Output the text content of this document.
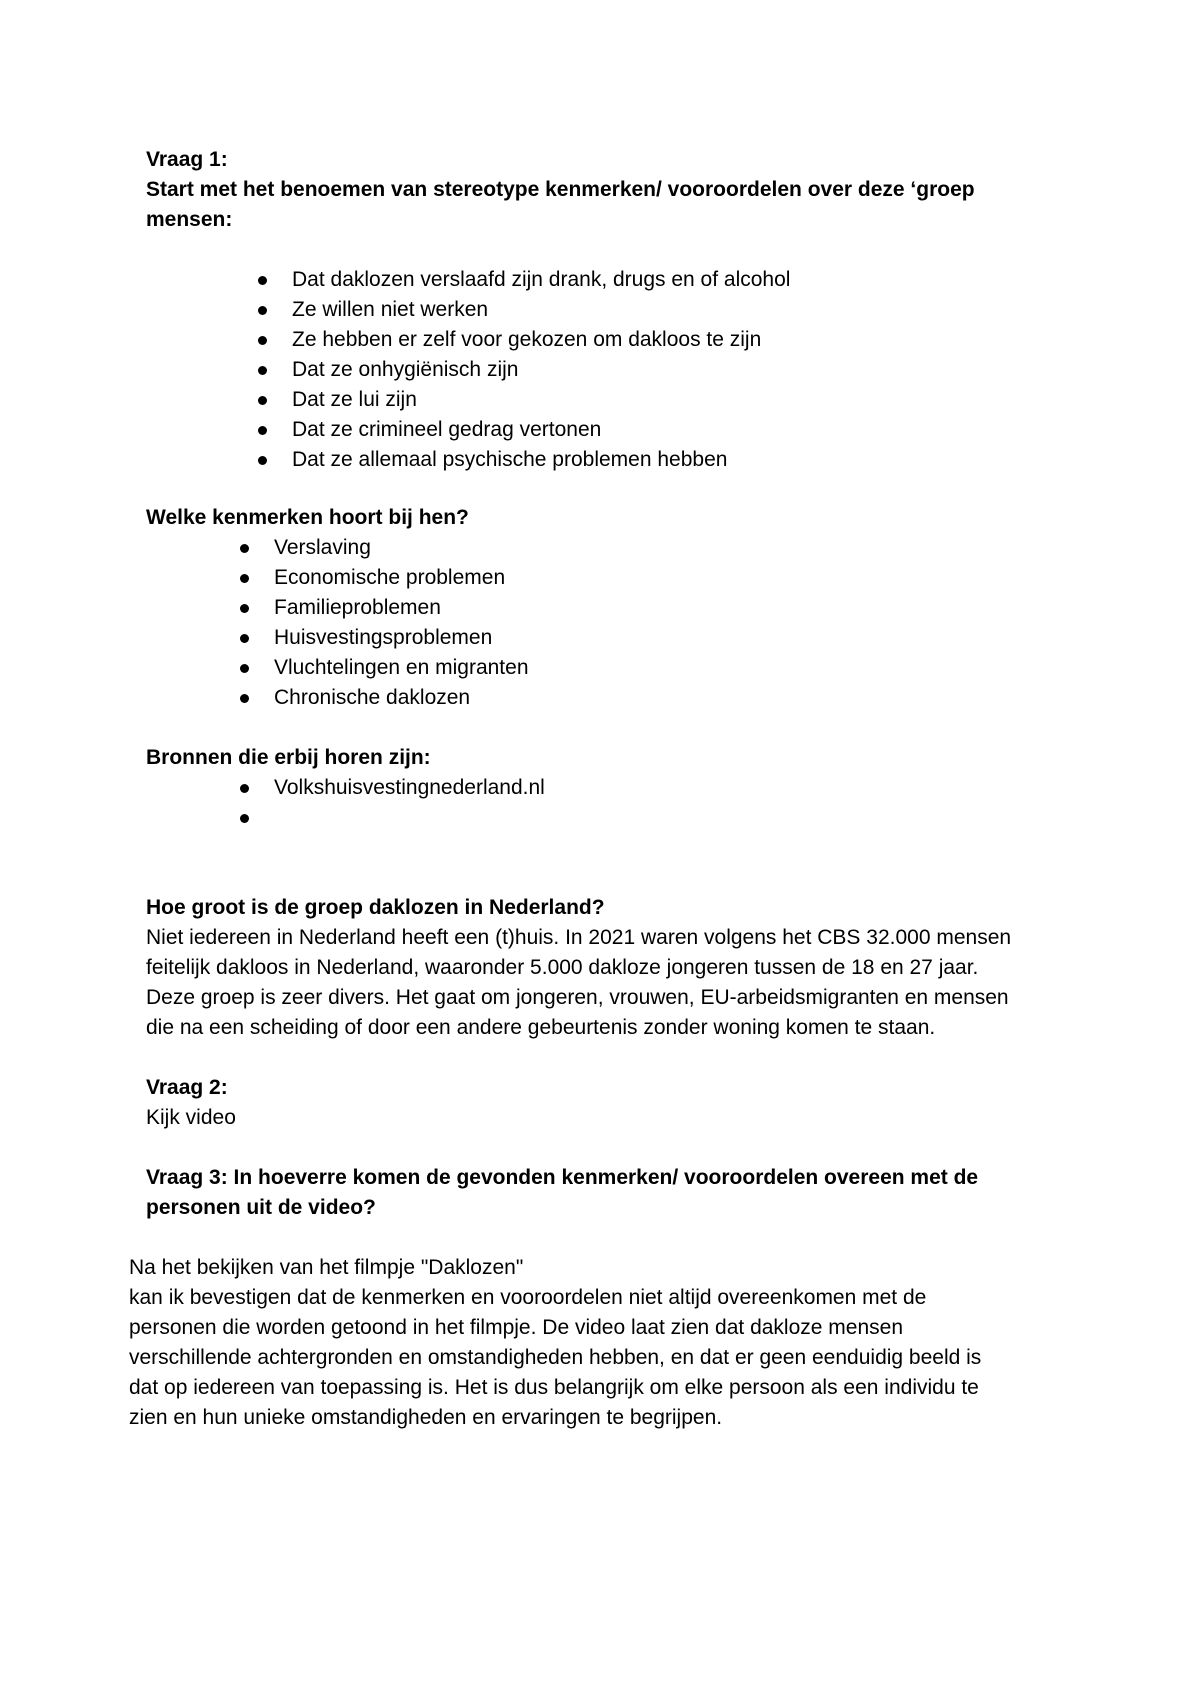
Vraag 1:
Start met het benoemen van stereotype kenmerken/ vooroordelen over deze ‘groep
mensen:
Dat daklozen verslaafd zijn drank, drugs en of alcohol
Ze willen niet werken
Ze hebben er zelf voor gekozen om dakloos te zijn
Dat ze onhygiënisch zijn
Dat ze lui zijn
Dat ze crimineel gedrag vertonen
Dat ze allemaal psychische problemen hebben
Welke kenmerken hoort bij hen?
Verslaving
Economische problemen
Familieproblemen
Huisvestingsproblemen
Vluchtelingen en migranten
Chronische daklozen
Bronnen die erbij horen zijn:
Volkshuisvestingnederland.nl
Hoe groot is de groep daklozen in Nederland?
Niet iedereen in Nederland heeft een (t)huis. In 2021 waren volgens het CBS 32.000 mensen
feitelijk dakloos in Nederland, waaronder 5.000 dakloze jongeren tussen de 18 en 27 jaar.
Deze groep is zeer divers. Het gaat om jongeren, vrouwen, EU-arbeidsmigranten en mensen
die na een scheiding of door een andere gebeurtenis zonder woning komen te staan.
Vraag 2:
Kijk video
Vraag 3: In hoeverre komen de gevonden kenmerken/ vooroordelen overeen met de
personen uit de video?
Na het bekijken van het filmpje "Daklozen"
kan ik bevestigen dat de kenmerken en vooroordelen niet altijd overeenkomen met de
personen die worden getoond in het filmpje. De video laat zien dat dakloze mensen
verschillende achtergronden en omstandigheden hebben, en dat er geen eenduidig beeld is
dat op iedereen van toepassing is. Het is dus belangrijk om elke persoon als een individu te
zien en hun unieke omstandigheden en ervaringen te begrijpen.
